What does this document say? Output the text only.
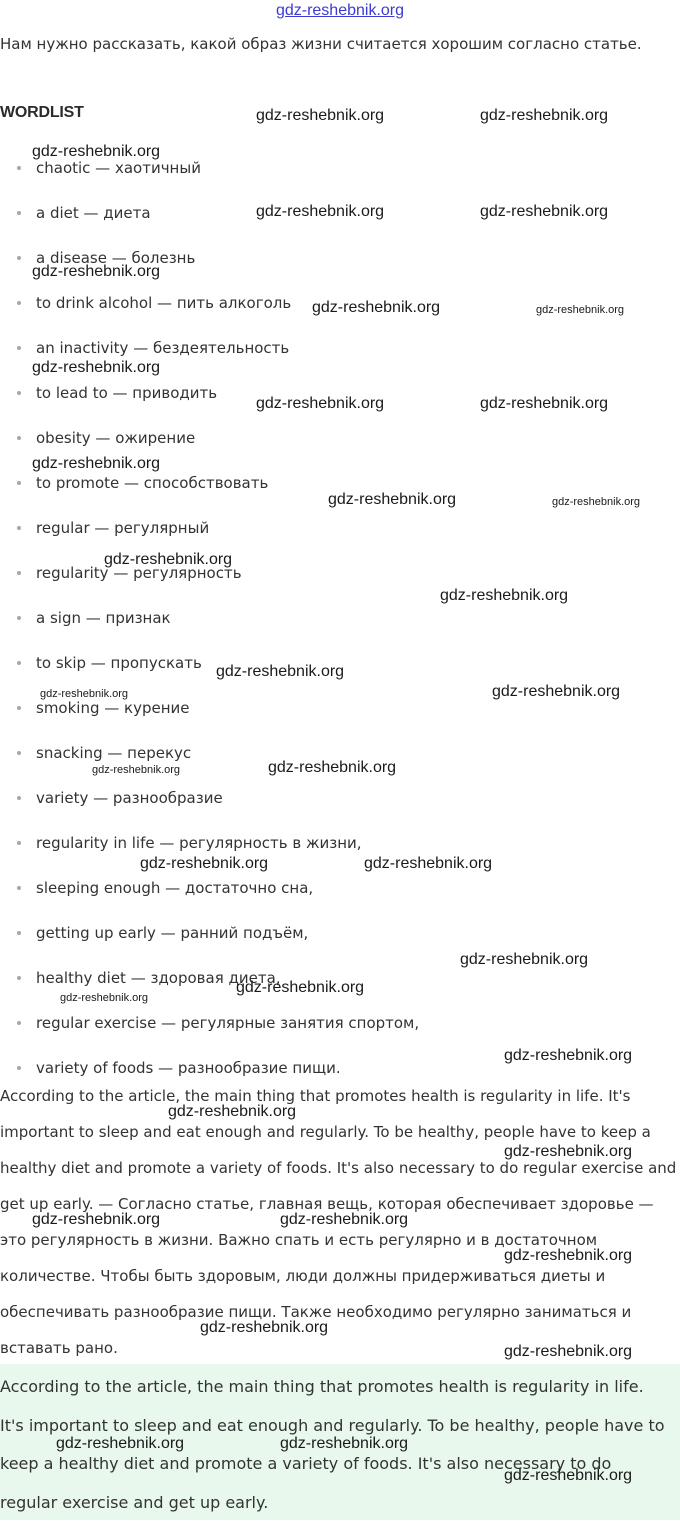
gdz-reshebnik.org

Нам нужно рассказать, какой образ жизни считается хорошим согласно статье.

WORDLIST
chaotic — хаотичный
a diet — диета
a disease — болезнь
to drink alcohol — пить алкоголь
an inactivity — бездеятельность
to lead to — приводить
obesity — ожирение
to promote — способствовать
regular — регулярный
regularity — регулярность
a sign — признак
to skip — пропускать
smoking — курение
snacking — перекус
variety — разнообразие
regularity in life — регулярность в жизни,
sleeping enough — достаточно сна,
getting up early — ранний подъём,
healthy diet — здоровая диета,
regular exercise — регулярные занятия спортом,
variety of foods — разнообразие пищи.

According to the article, the main thing that promotes health is regularity in life. It's important to sleep and eat enough and regularly. To be healthy, people have to keep a healthy diet and promote a variety of foods. It's also necessary to do regular exercise and get up early. — Согласно статье, главная вещь, которая обеспечивает здоровье — это регулярность в жизни. Важно спать и есть регулярно и в достаточном количестве. Чтобы быть здоровым, люди должны придерживаться диеты и обеспечивать разнообразие пищи. Также необходимо регулярно заниматься и вставать рано.

According to the article, the main thing that promotes health is regularity in life. It's important to sleep and eat enough and regularly. To be healthy, people have to keep a healthy diet and promote a variety of foods. It's also necessary to do regular exercise and get up early.

gdz-reshebnik.org	gdz-reshebnik.org
gdz-reshebnik.org
gdz-reshebnik.org	gdz-reshebnik.org
gdz-reshebnik.org
gdz-reshebnik.org	gdz-reshebnik.org
gdz-reshebnik.org
gdz-reshebnik.org	gdz-reshebnik.org
gdz-reshebnik.org
gdz-reshebnik.org	gdz-reshebnik.org
gdz-reshebnik.org
gdz-reshebnik.org
gdz-reshebnik.org
gdz-reshebnik.org	gdz-reshebnik.org
gdz-reshebnik.org	gdz-reshebnik.org
gdz-reshebnik.org	gdz-reshebnik.org
gdz-reshebnik.org
gdz-reshebnik.org
gdz-reshebnik.org
gdz-reshebnik.org
gdz-reshebnik.org
gdz-reshebnik.org
gdz-reshebnik.org	gdz-reshebnik.org
gdz-reshebnik.org
gdz-reshebnik.org
gdz-reshebnik.org
gdz-reshebnik.org	gdz-reshebnik.org
gdz-reshebnik.org
